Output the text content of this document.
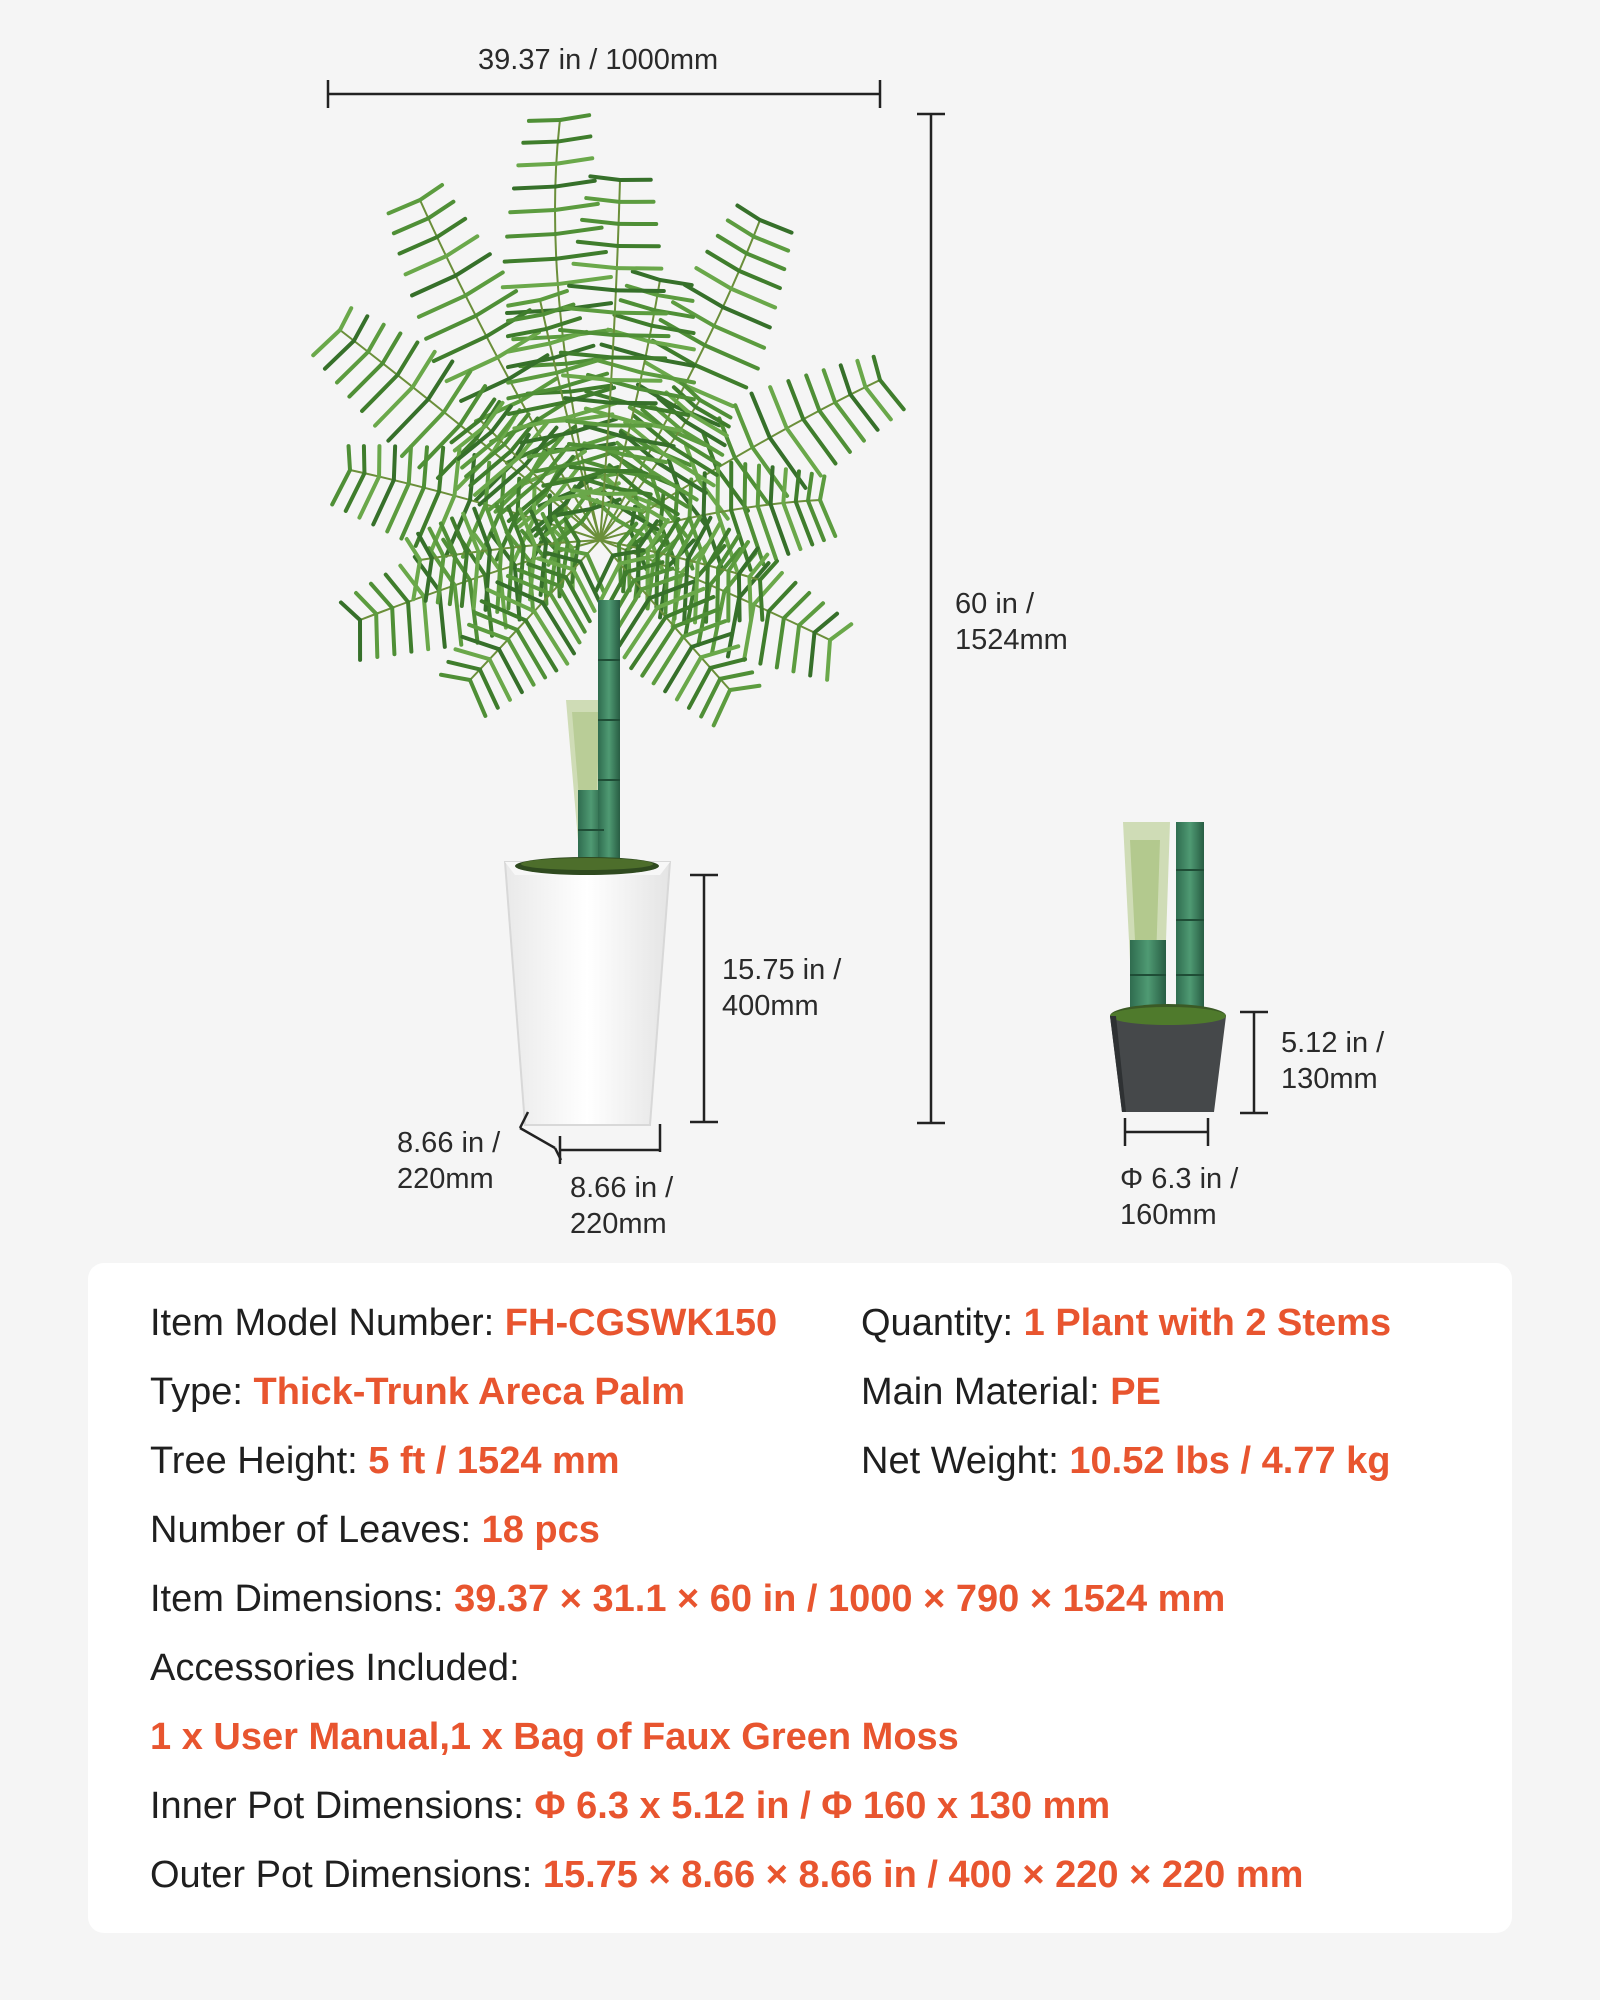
39.37 in / 1000mm
60 in /
1524mm
15.75 in /
400mm
8.66 in /
220mm	8.66 in /
220mm
5.12 in /
130mm
Φ 6.3 in /
160mm
Item Model Number: FH-CGSWK150 Quantity: 1 Plant with 2 Stems
Type: Thick-Trunk Areca Palm	Main Material: PE
Tree Height: 5 ft / 1524 mm	Net Weight: 10.52 lbs / 4.77 kg
Number of Leaves: 18 pcs
Item Dimensions: 39.37 × 31.1 × 60 in / 1000 × 790 × 1524 mm
Accessories Included:
1 x User Manual,1 x Bag of Faux Green Moss
Inner Pot Dimensions: Φ 6.3 x 5.12 in / Φ 160 x 130 mm
Outer Pot Dimensions: 15.75 × 8.66 × 8.66 in / 400 × 220 × 220 mm
